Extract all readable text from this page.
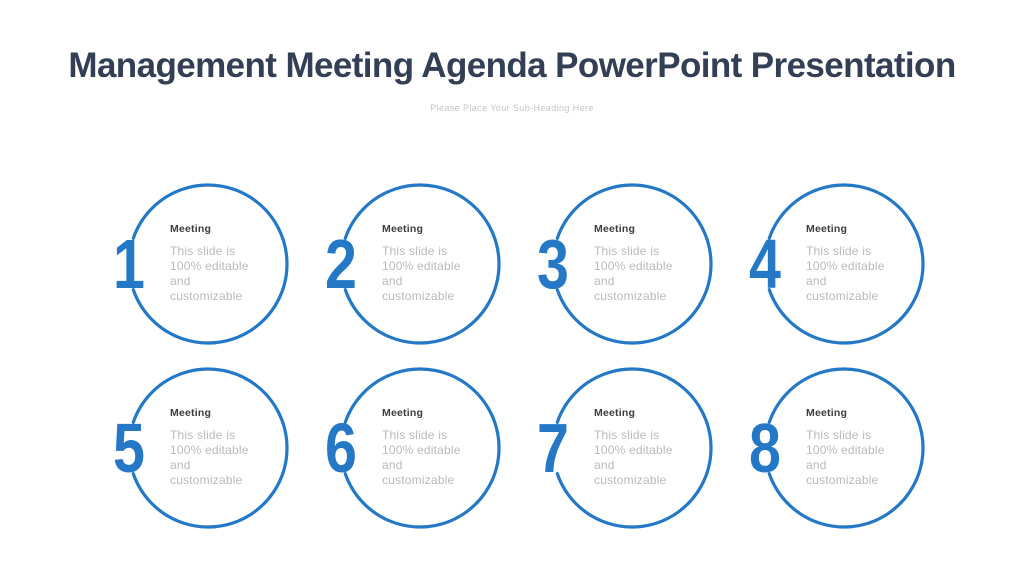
Management Meeting Agenda PowerPoint Presentation
Please Place Your Sub-Heading Here
1 Meeting
This slide is 100% editable and customizable	2 Meeting
This slide is 100% editable and customizable	3 Meeting
This slide is 100% editable and customizable	4 Meeting
This slide is 100% editable and customizable
5 Meeting
This slide is 100% editable and customizable	6 Meeting
This slide is 100% editable and customizable	7 Meeting
This slide is 100% editable and customizable	8 Meeting
This slide is 100% editable and customizable
